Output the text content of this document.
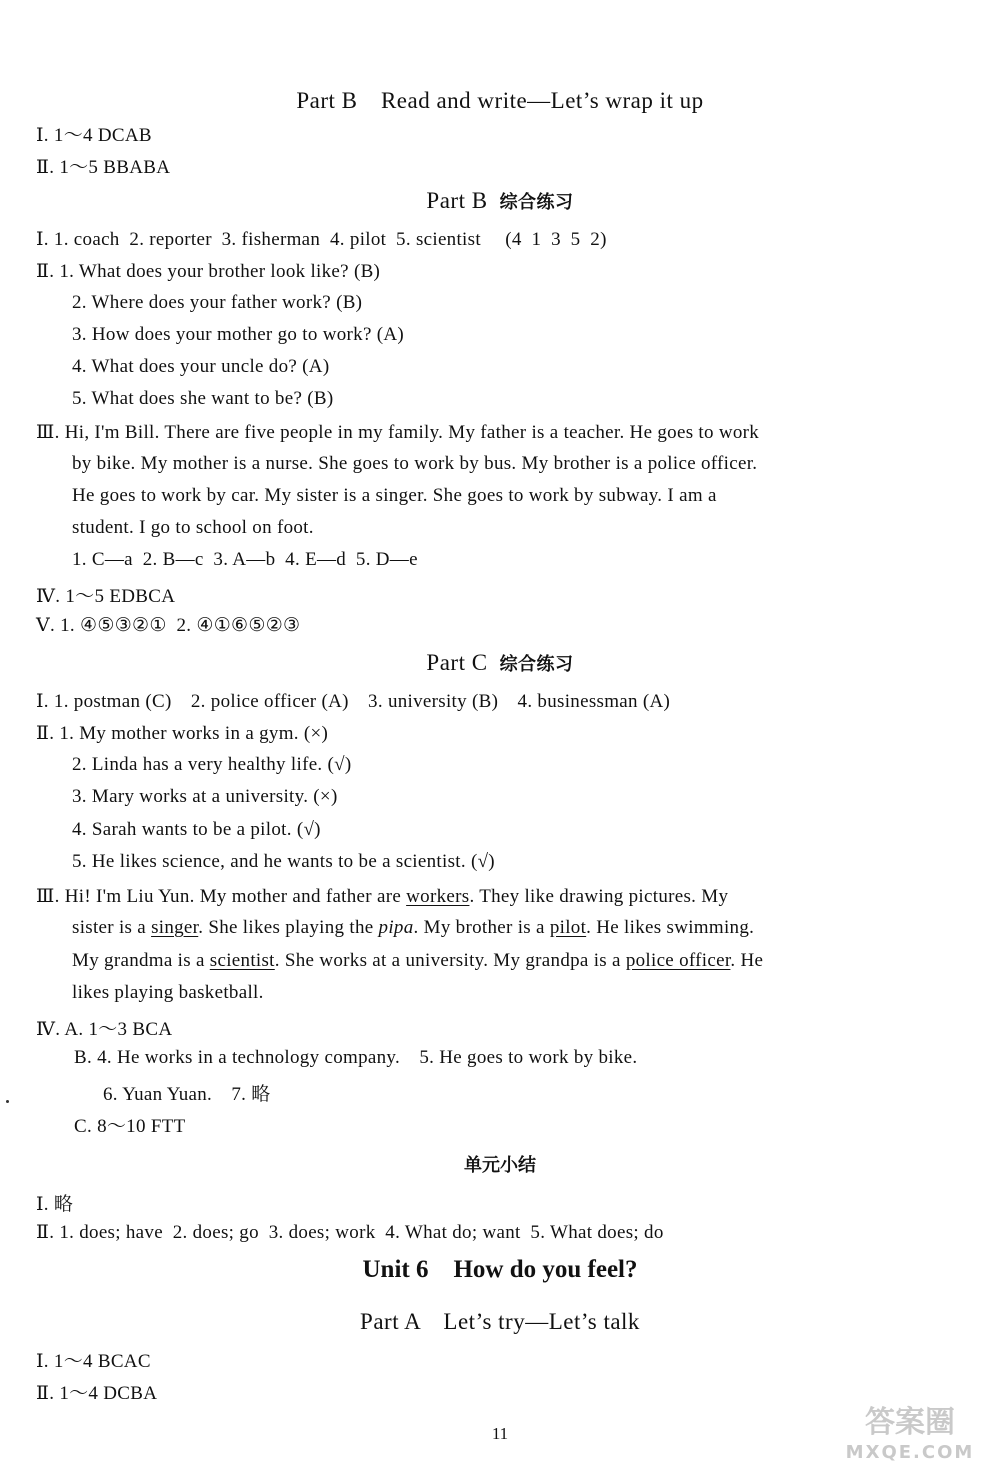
Part B　Read and write—Let’s wrap it up
Ⅰ. 1～4 DCAB
Ⅱ. 1～5 BBABA
Part B 综合练习
Ⅰ. 1. coach 2. reporter 3. fisherman 4. pilot 5. scientist  (4 1 3 5 2)
Ⅱ. 1. What does your brother look like? (B)
2. Where does your father work? (B)
3. How does your mother go to work? (A)
4. What does your uncle do? (A)
5. What does she want to be? (B)
Ⅲ. Hi, I'm Bill. There are five people in my family. My father is a teacher. He goes to work
by bike. My mother is a nurse. She goes to work by bus. My brother is a police officer.
He goes to work by car. My sister is a singer. She goes to work by subway. I am a
student. I go to school on foot.
1. C—a 2. B—c 3. A—b 4. E—d 5. D—e
Ⅳ. 1～5 EDBCA
Ⅴ. 1. ④⑤③②① 2. ④①⑥⑤②③
Part C 综合练习
Ⅰ. 1. postman (C) 2. police officer (A) 3. university (B) 4. businessman (A)
Ⅱ. 1. My mother works in a gym. (×)
2. Linda has a very healthy life. (√)
3. Mary works at a university. (×)
4. Sarah wants to be a pilot. (√)
5. He likes science, and he wants to be a scientist. (√)
Ⅲ. Hi! I'm Liu Yun. My mother and father are workers. They like drawing pictures. My
sister is a singer. She likes playing the pipa. My brother is a pilot. He likes swimming.
My grandma is a scientist. She works at a university. My grandpa is a police officer. He
likes playing basketball.
Ⅳ. A. 1～3 BCA
B. 4. He works in a technology company. 5. He goes to work by bike.
6. Yuan Yuan. 7. 略
C. 8～10 FTT
单元小结
Ⅰ. 略
Ⅱ. 1. does; have 2. does; go 3. does; work 4. What do; want 5. What does; do
Unit 6 How do you feel?
Part A　Let’s try—Let’s talk
Ⅰ. 1～4 BCAC
Ⅱ. 1～4 DCBA
11	答案圈
MXQE.COM
